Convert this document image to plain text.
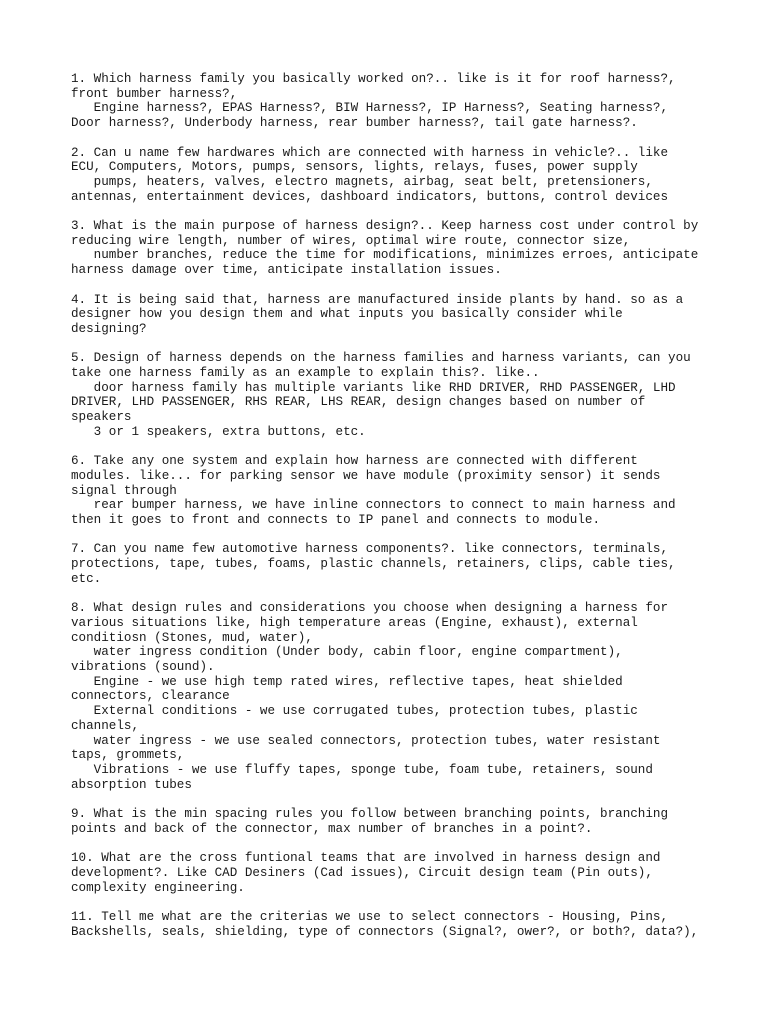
1. Which harness family you basically worked on?.. like is it for roof harness?,
front bumber harness?,
Engine harness?, EPAS Harness?, BIW Harness?, IP Harness?, Seating harness?,
Door harness?, Underbody harness, rear bumber harness?, tail gate harness?.
2. Can u name few hardwares which are connected with harness in vehicle?.. like
ECU, Computers, Motors, pumps, sensors, lights, relays, fuses, power supply
pumps, heaters, valves, electro magnets, airbag, seat belt, pretensioners,
antennas, entertainment devices, dashboard indicators, buttons, control devices
3. What is the main purpose of harness design?.. Keep harness cost under control by
reducing wire length, number of wires, optimal wire route, connector size,
number branches, reduce the time for modifications, minimizes erroes, anticipate
harness damage over time, anticipate installation issues.
4. It is being said that, harness are manufactured inside plants by hand. so as a
designer how you design them and what inputs you basically consider while
designing?
5. Design of harness depends on the harness families and harness variants, can you
take one harness family as an example to explain this?. like..
door harness family has multiple variants like RHD DRIVER, RHD PASSENGER, LHD
DRIVER, LHD PASSENGER, RHS REAR, LHS REAR, design changes based on number of
speakers
3 or 1 speakers, extra buttons, etc.
6. Take any one system and explain how harness are connected with different
modules. like... for parking sensor we have module (proximity sensor) it sends
signal through
rear bumper harness, we have inline connectors to connect to main harness and
then it goes to front and connects to IP panel and connects to module.
7. Can you name few automotive harness components?. like connectors, terminals,
protections, tape, tubes, foams, plastic channels, retainers, clips, cable ties,
etc.
8. What design rules and considerations you choose when designing a harness for
various situations like, high temperature areas (Engine, exhaust), external
conditiosn (Stones, mud, water),
water ingress condition (Under body, cabin floor, engine compartment),
vibrations (sound).
Engine - we use high temp rated wires, reflective tapes, heat shielded
connectors, clearance
External conditions - we use corrugated tubes, protection tubes, plastic
channels,
water ingress - we use sealed connectors, protection tubes, water resistant
taps, grommets,
Vibrations - we use fluffy tapes, sponge tube, foam tube, retainers, sound
absorption tubes
9. What is the min spacing rules you follow between branching points, branching
points and back of the connector, max number of branches in a point?.
10. What are the cross funtional teams that are involved in harness design and
development?. Like CAD Desiners (Cad issues), Circuit design team (Pin outs),
complexity engineering.
11. Tell me what are the criterias we use to select connectors - Housing, Pins,
Backshells, seals, shielding, type of connectors (Signal?, ower?, or both?, data?),
